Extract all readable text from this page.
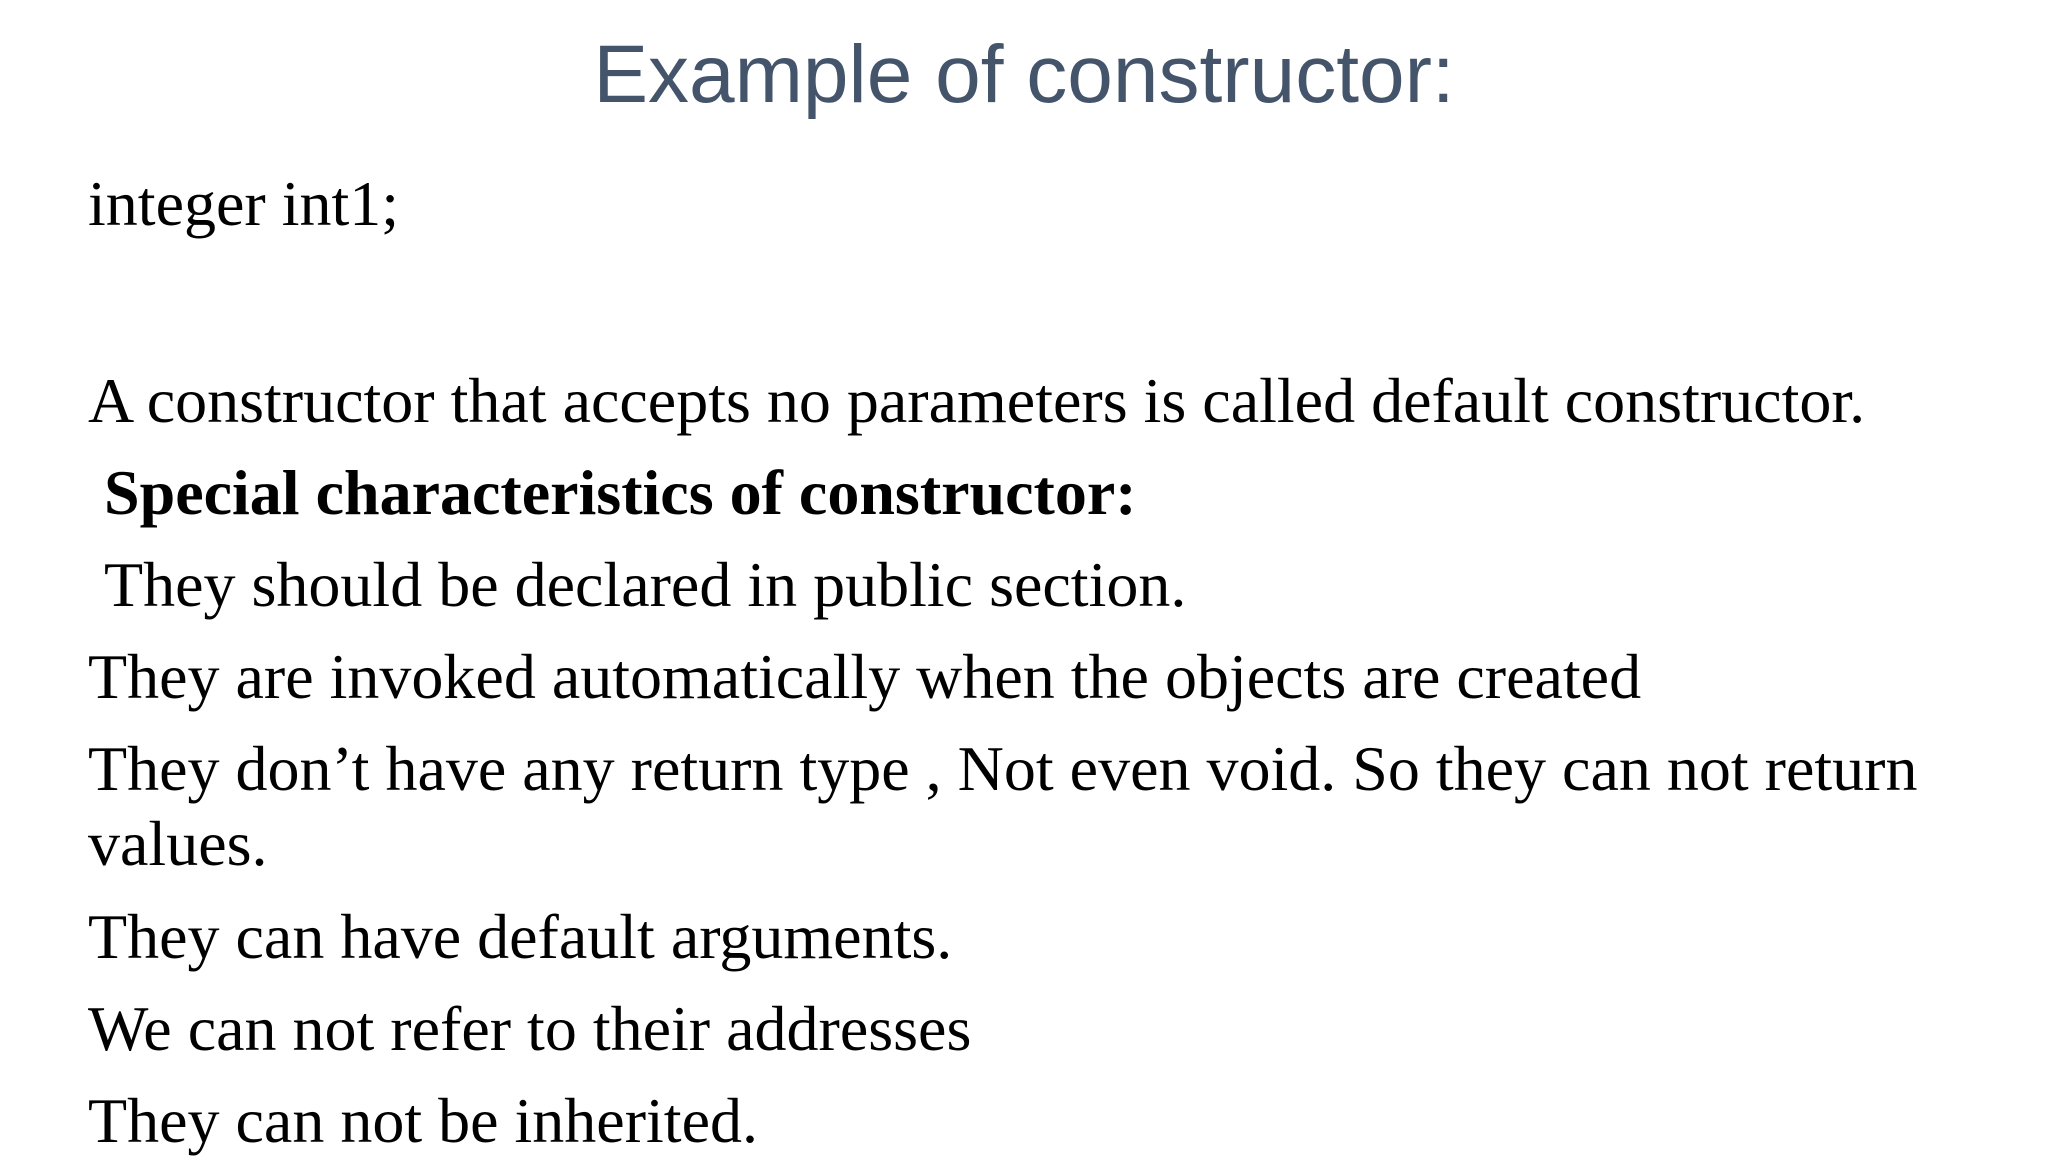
Example of constructor:
integer int1;
A constructor that accepts no parameters is called default constructor.
Special characteristics of constructor:
They should be declared in public section.
They are invoked automatically when the objects are created
They don’t have any return type , Not even void. So they can not return values.
They can have default arguments.
We can not refer to their addresses
They can not be inherited.
